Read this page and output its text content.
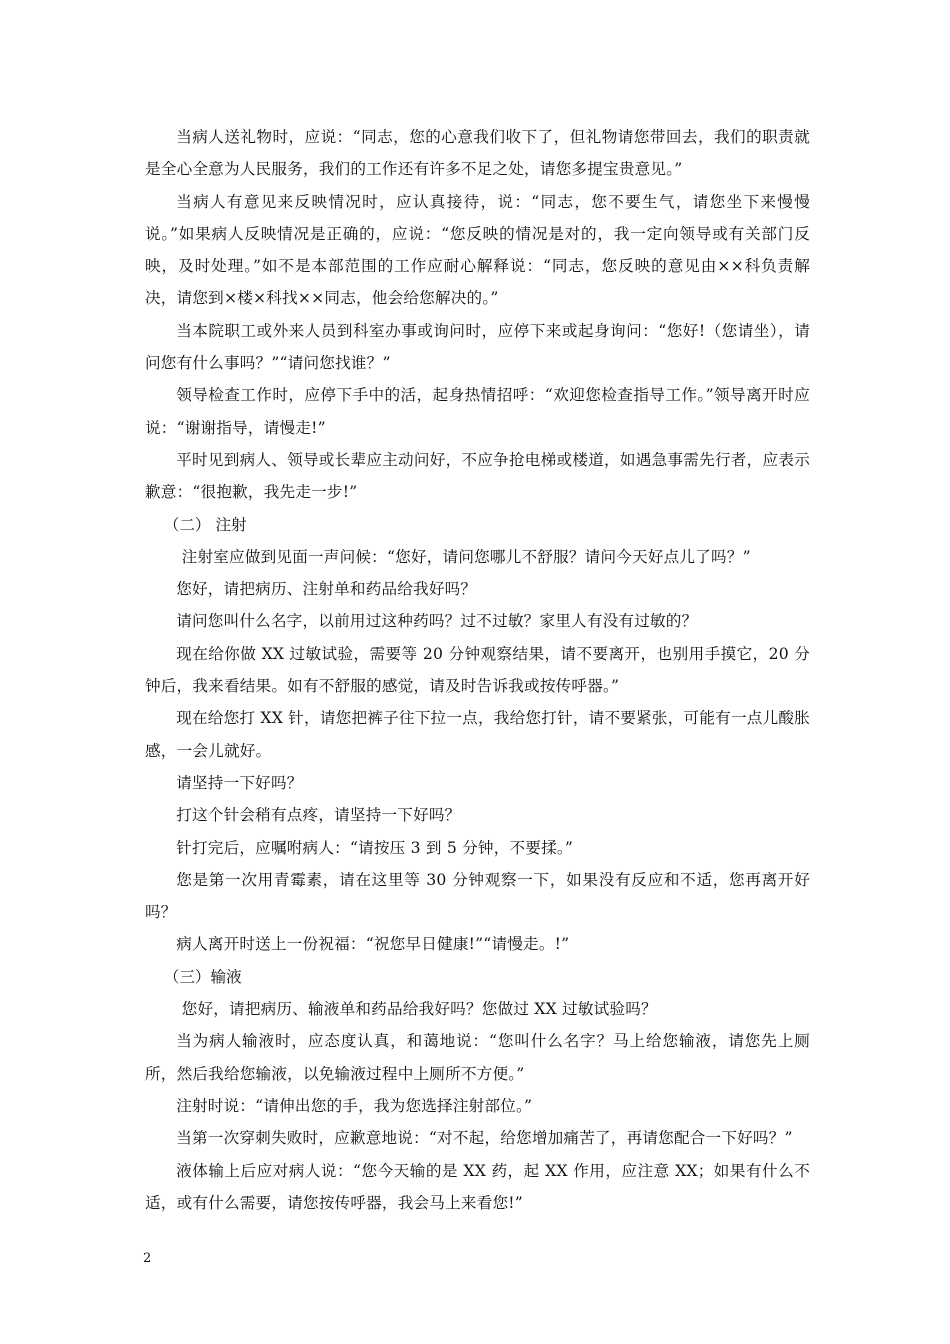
当病人送礼物时，应说：“同志，您的心意我们收下了，但礼物请您带回去，我们的职责就是全心全意为人民服务，我们的工作还有许多不足之处，请您多提宝贵意见。”

当病人有意见来反映情况时，应认真接待，说：“同志，您不要生气，请您坐下来慢慢说。”如果病人反映情况是正确的，应说：“您反映的情况是对的，我一定向领导或有关部门反映，及时处理。”如不是本部范围的工作应耐心解释说：“同志，您反映的意见由××科负责解决，请您到×楼×科找××同志，他会给您解决的。”

当本院职工或外来人员到科室办事或询问时，应停下来或起身询问：“您好!（您请坐），请问您有什么事吗？”“请问您找谁？”

领导检查工作时，应停下手中的活，起身热情招呼：“欢迎您检查指导工作。”领导离开时应说：“谢谢指导，请慢走!”

平时见到病人、领导或长辈应主动问好，不应争抢电梯或楼道，如遇急事需先行者，应表示歉意：“很抱歉，我先走一步!”

（二） 注射

注射室应做到见面一声问候：“您好，请问您哪儿不舒服？请问今天好点儿了吗？”

您好，请把病历、注射单和药品给我好吗？

请问您叫什么名字，以前用过这种药吗？过不过敏？家里人有没有过敏的？

现在给你做 XX 过敏试验，需要等 20 分钟观察结果，请不要离开，也别用手摸它，20 分钟后，我来看结果。如有不舒服的感觉，请及时告诉我或按传呼器。”

现在给您打 XX 针，请您把裤子往下拉一点，我给您打针，请不要紧张，可能有一点儿酸胀感，一会儿就好。

请坚持一下好吗？

打这个针会稍有点疼，请坚持一下好吗？

针打完后，应嘱咐病人：“请按压 3 到 5 分钟，不要揉。”

您是第一次用青霉素，请在这里等 30 分钟观察一下，如果没有反应和不适，您再离开好吗？

病人离开时送上一份祝福：“祝您早日健康!”“请慢走。!”

（三）输液

您好，请把病历、输液单和药品给我好吗？您做过 XX 过敏试验吗？

当为病人输液时，应态度认真，和蔼地说：“您叫什么名字？马上给您输液，请您先上厕所，然后我给您输液，以免输液过程中上厕所不方便。”

注射时说：“请伸出您的手，我为您选择注射部位。”

当第一次穿刺失败时，应歉意地说：“对不起，给您增加痛苦了，再请您配合一下好吗？”

液体输上后应对病人说：“您今天输的是 XX 药，起 XX 作用，应注意 XX；如果有什么不适，或有什么需要，请您按传呼器，我会马上来看您!”

2
